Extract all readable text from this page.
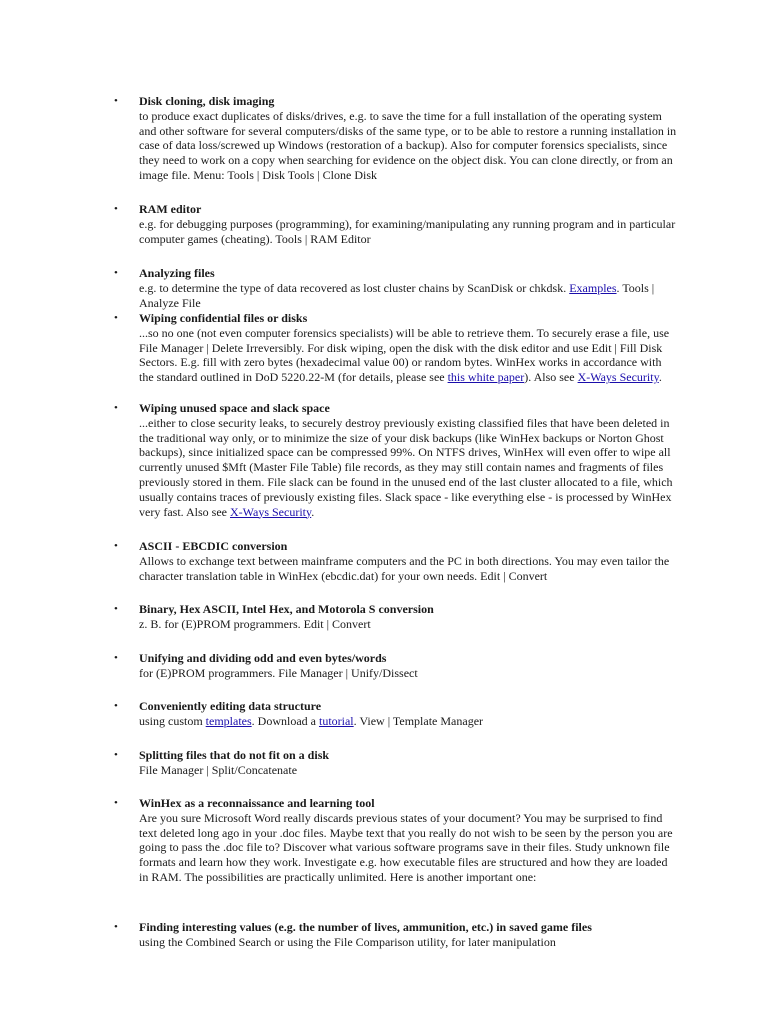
• Disk cloning, disk imaging
to produce exact duplicates of disks/drives, e.g. to save the time for a full installation of the operating system and other software for several computers/disks of the same type, or to be able to restore a running installation in case of data loss/screwed up Windows (restoration of a backup). Also for computer forensics specialists, since they need to work on a copy when searching for evidence on the object disk. You can clone directly, or from an image file. Menu: Tools | Disk Tools | Clone Disk
• RAM editor
e.g. for debugging purposes (programming), for examining/manipulating any running program and in particular computer games (cheating). Tools | RAM Editor
• Analyzing files
e.g. to determine the type of data recovered as lost cluster chains by ScanDisk or chkdsk. Examples. Tools | Analyze File
• Wiping confidential files or disks
...so no one (not even computer forensics specialists) will be able to retrieve them. To securely erase a file, use File Manager | Delete Irreversibly. For disk wiping, open the disk with the disk editor and use Edit | Fill Disk Sectors. E.g. fill with zero bytes (hexadecimal value 00) or random bytes. WinHex works in accordance with the standard outlined in DoD 5220.22-M (for details, please see this white paper). Also see X-Ways Security.
• Wiping unused space and slack space
...either to close security leaks, to securely destroy previously existing classified files that have been deleted in the traditional way only, or to minimize the size of your disk backups (like WinHex backups or Norton Ghost backups), since initialized space can be compressed 99%. On NTFS drives, WinHex will even offer to wipe all currently unused $Mft (Master File Table) file records, as they may still contain names and fragments of files previously stored in them. File slack can be found in the unused end of the last cluster allocated to a file, which usually contains traces of previously existing files. Slack space - like everything else - is processed by WinHex very fast. Also see X-Ways Security.
• ASCII - EBCDIC conversion
Allows to exchange text between mainframe computers and the PC in both directions. You may even tailor the character translation table in WinHex (ebcdic.dat) for your own needs. Edit | Convert
• Binary, Hex ASCII, Intel Hex, and Motorola S conversion
z. B. for (E)PROM programmers. Edit | Convert
• Unifying and dividing odd and even bytes/words
for (E)PROM programmers. File Manager | Unify/Dissect
• Conveniently editing data structure
using custom templates. Download a tutorial. View | Template Manager
• Splitting files that do not fit on a disk
File Manager | Split/Concatenate
• WinHex as a reconnaissance and learning tool
Are you sure Microsoft Word really discards previous states of your document? You may be surprised to find text deleted long ago in your .doc files. Maybe text that you really do not wish to be seen by the person you are going to pass the .doc file to? Discover what various software programs save in their files. Study unknown file formats and learn how they work. Investigate e.g. how executable files are structured and how they are loaded in RAM. The possibilities are practically unlimited. Here is another important one:
• Finding interesting values (e.g. the number of lives, ammunition, etc.) in saved game files
using the Combined Search or using the File Comparison utility, for later manipulation
